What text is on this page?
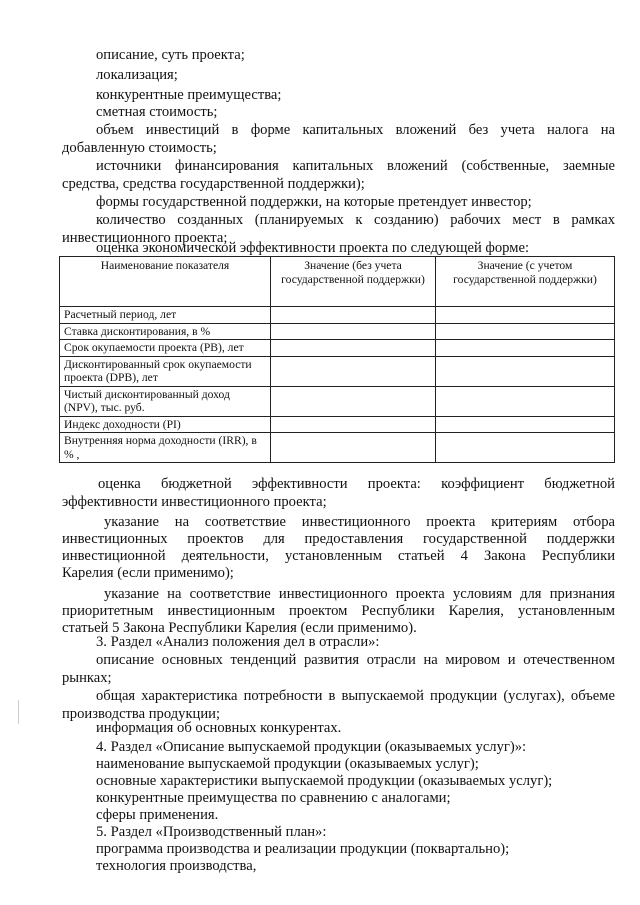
описание, суть проекта;
локализация;
конкурентные преимущества;
сметная стоимость;
объем инвестиций в форме капитальных вложений без учета налога на
добавленную стоимость;
источники финансирования капитальных вложений (собственные, заемные
средства, средства государственной поддержки);
формы государственной поддержки, на которые претендует инвестор;
количество созданных (планируемых к созданию) рабочих мест в рамках
инвестиционного проекта;
оценка экономической эффективности проекта по следующей форме:
Наименование показателя	Значение (без учета государственной поддержки)	Значение (с учетом государственной поддержки)
Расчетный период, лет		
Ставка дисконтирования, в %		
Срок окупаемости проекта (PB), лет		
Дисконтированный срок окупаемости проекта (DPB), лет		
Чистый дисконтированный доход (NPV), тыс. руб.		
Индекс доходности (PI)		
Внутренняя норма доходности (IRR), в % ,		
оценка бюджетной эффективности проекта: коэффициент бюджетной
эффективности инвестиционного проекта;
указание на соответствие инвестиционного проекта критериям отбора
инвестиционных проектов для предоставления государственной поддержки
инвестиционной деятельности, установленным статьей 4 Закона Республики
Карелия (если применимо);
указание на соответствие инвестиционного проекта условиям для признания
приоритетным инвестиционным проектом Республики Карелия, установленным
статьей 5 Закона Республики Карелия (если применимо).
3. Раздел «Анализ положения дел в отрасли»:
описание основных тенденций развития отрасли на мировом и отечественном
рынках;
общая характеристика потребности в выпускаемой продукции (услугах), объеме
производства продукции;
информация об основных конкурентах.
4. Раздел «Описание выпускаемой продукции (оказываемых услуг)»:
наименование выпускаемой продукции (оказываемых услуг);
основные характеристики выпускаемой продукции (оказываемых услуг);
конкурентные преимущества по сравнению с аналогами;
сферы применения.
5. Раздел «Производственный план»:
программа производства и реализации продукции (поквартально);
технология производства,
